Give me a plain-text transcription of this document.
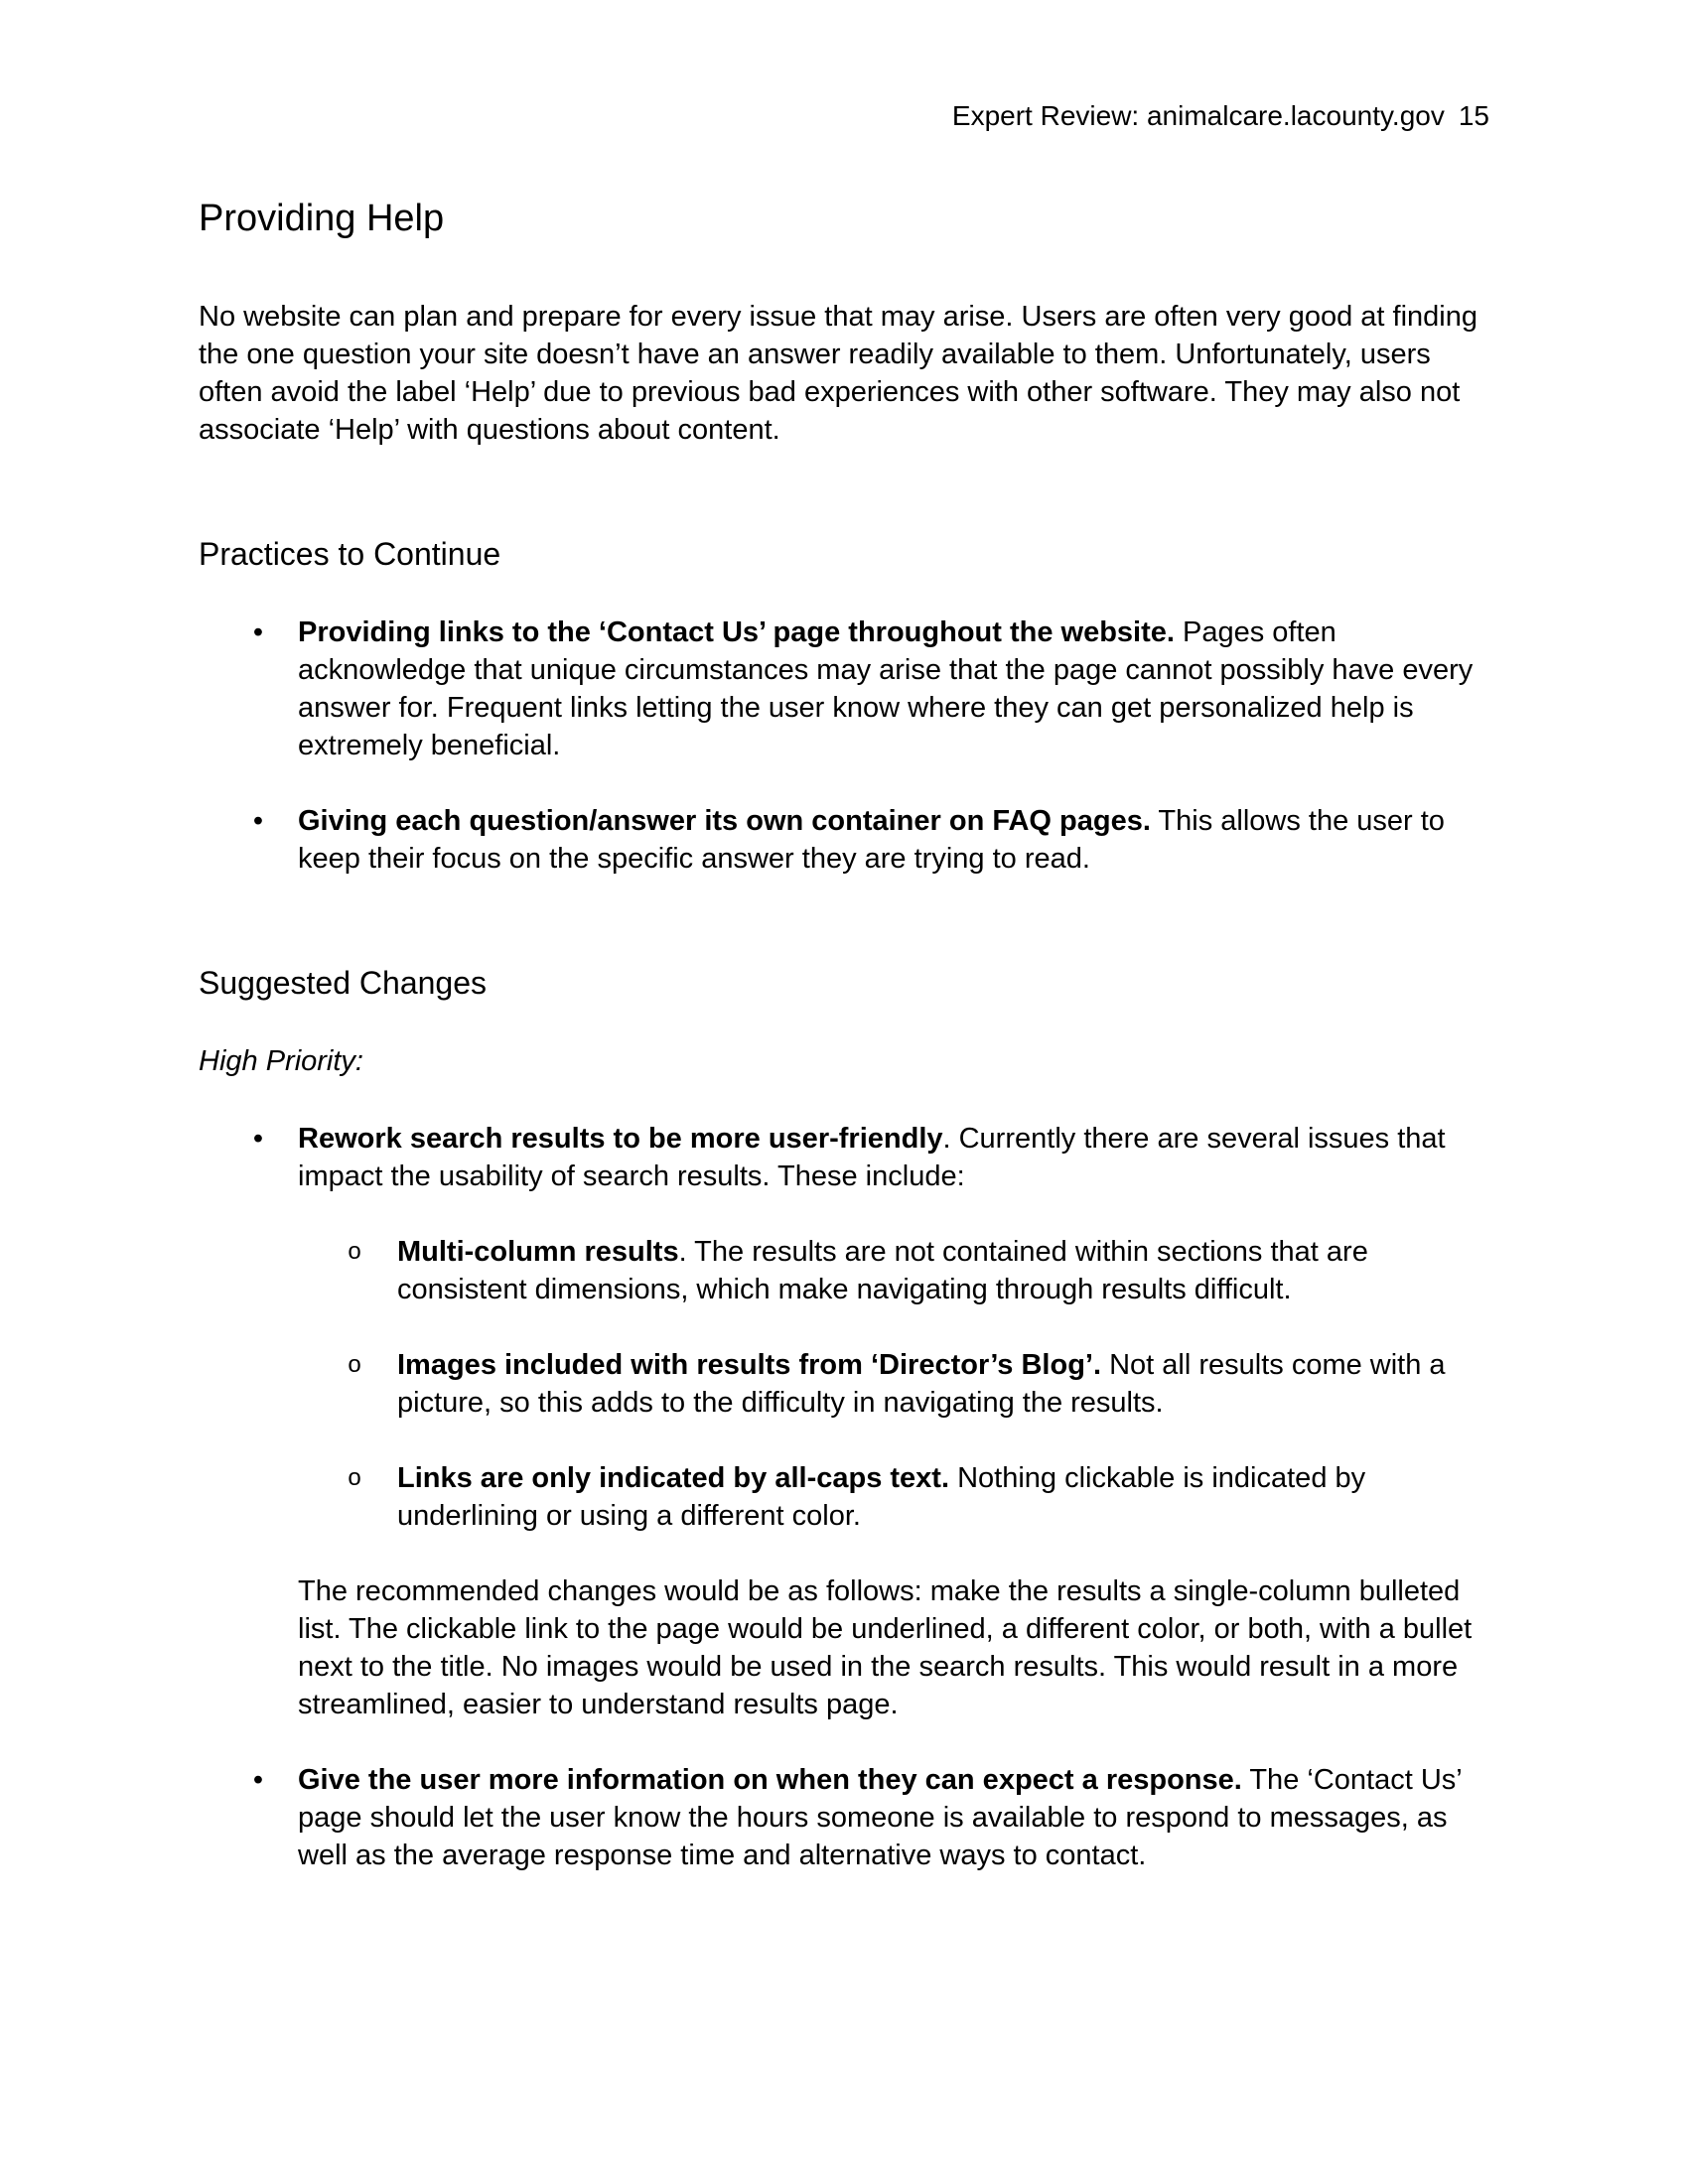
Expert Review: animalcare.lacounty.gov 15
Providing Help

No website can plan and prepare for every issue that may arise. Users are often very good at finding the one question your site doesn’t have an answer readily available to them. Unfortunately, users often avoid the label ‘Help’ due to previous bad experiences with other software. They may also not associate ‘Help’ with questions about content.

Practices to Continue
• Providing links to the ‘Contact Us’ page throughout the website. Pages often acknowledge that unique circumstances may arise that the page cannot possibly have every answer for. Frequent links letting the user know where they can get personalized help is extremely beneficial.
• Giving each question/answer its own container on FAQ pages. This allows the user to keep their focus on the specific answer they are trying to read.
Suggested Changes
High Priority:
• Rework search results to be more user-friendly. Currently there are several issues that impact the usability of search results. These include:
o Multi-column results. The results are not contained within sections that are consistent dimensions, which make navigating through results difficult.
o Images included with results from ‘Director’s Blog’. Not all results come with a picture, so this adds to the difficulty in navigating the results.
o Links are only indicated by all-caps text. Nothing clickable is indicated by underlining or using a different color.
The recommended changes would be as follows: make the results a single-column bulleted list. The clickable link to the page would be underlined, a different color, or both, with a bullet next to the title. No images would be used in the search results. This would result in a more streamlined, easier to understand results page.
• Give the user more information on when they can expect a response. The ‘Contact Us’ page should let the user know the hours someone is available to respond to messages, as well as the average response time and alternative ways to contact.
